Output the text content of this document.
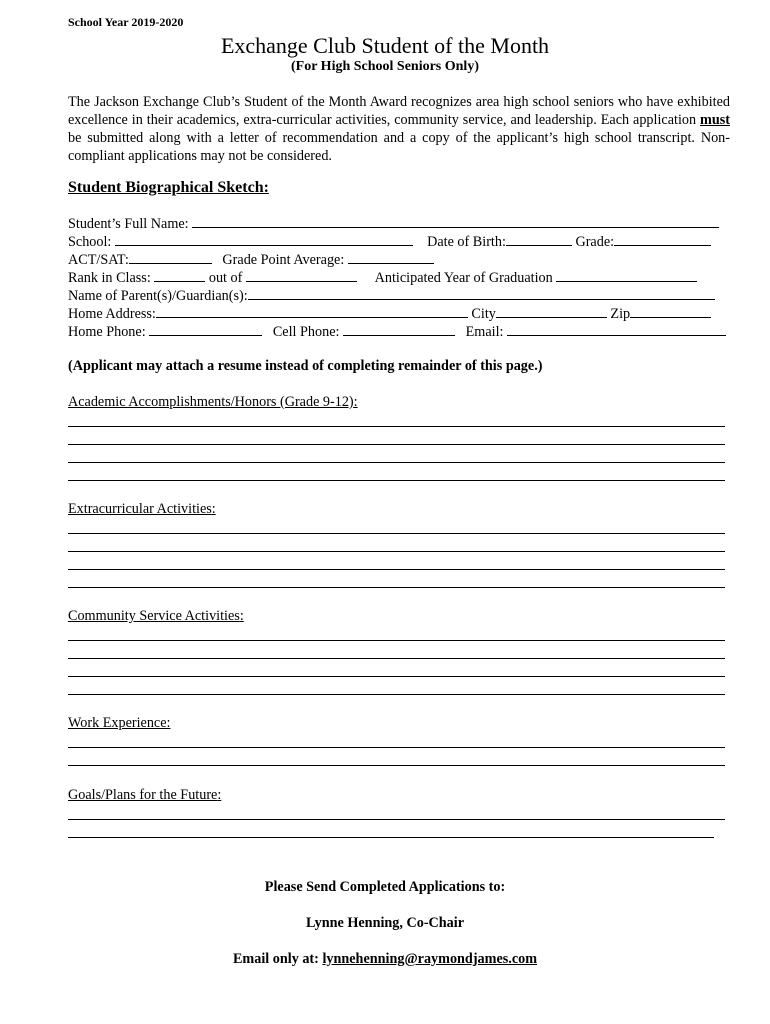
School Year 2019-2020
Exchange Club Student of the Month
(For High School Seniors Only)
The Jackson Exchange Club’s Student of the Month Award recognizes area high school seniors who have exhibited excellence in their academics, extra-curricular activities, community service, and leadership. Each application must be submitted along with a letter of recommendation and a copy of the applicant’s high school transcript. Non-compliant applications may not be considered.
Student Biographical Sketch:
Student’s Full Name:
School:	Date of Birth:	Grade:
ACT/SAT:	Grade Point Average:
Rank in Class:	out of	Anticipated Year of Graduation
Name of Parent(s)/Guardian(s):
Home Address:	City	Zip
Home Phone:	Cell Phone:	Email:
(Applicant may attach a resume instead of completing remainder of this page.)
Academic Accomplishments/Honors (Grade 9-12):
Extracurricular Activities:
Community Service Activities:
Work Experience:
Goals/Plans for the Future:
Please Send Completed Applications to:
Lynne Henning, Co-Chair
Email only at: lynnehenning@raymondjames.com
